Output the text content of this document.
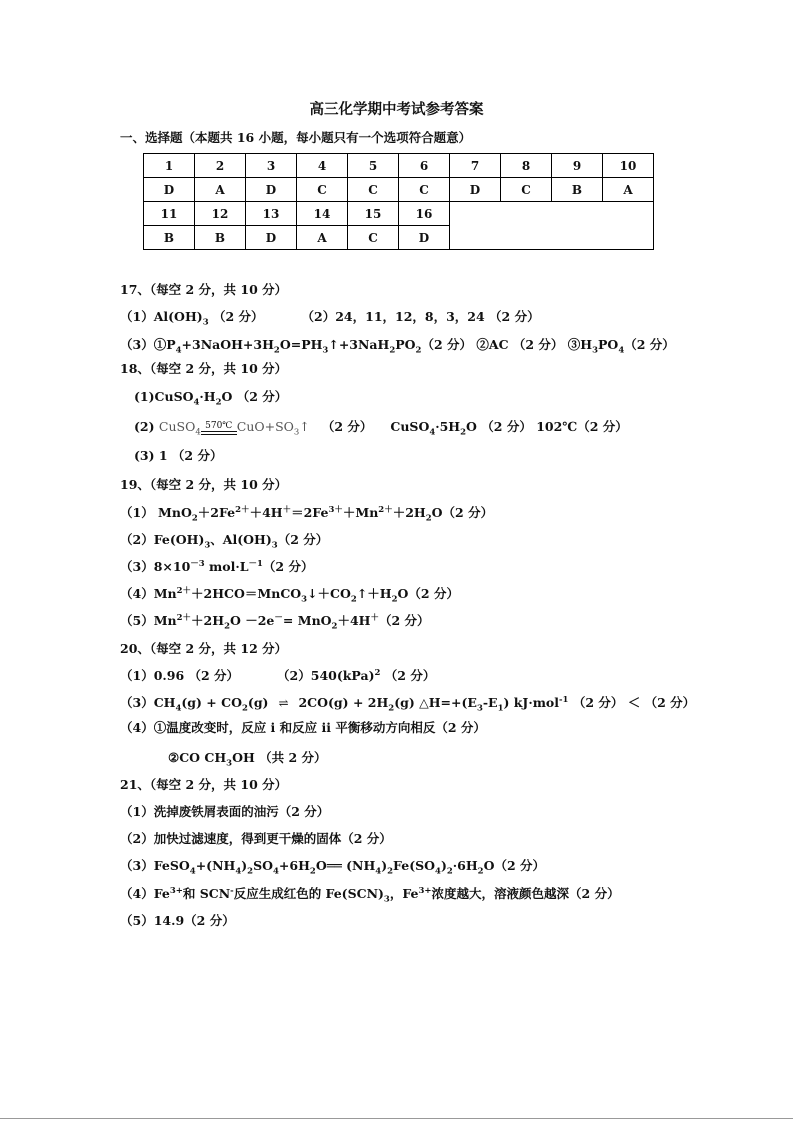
高三化学期中考试参考答案
一、选择题（本题共 16 小题，每小题只有一个选项符合题意）
1	2	3	4	5	6	7	8	9	10
D	A	D	C	C	C	D	C	B	A
11	12	13	14	15	16				
B	B	D	A	C	D				
17、（每空 2 分，共 10 分）
$(1)Al(OH)_3$ （2 分）	（2）24，11，12，8，3，24 （2 分）
$(3)①P_4+3NaOH+3H_2O=PH_3↑+3NaH_2PO_2(2$ 分） ②AC （2 分） $③H_3PO_4(2$ 分）
18、（每空 2 分，共 10 分）
$(1)CuSO_4\cdot H_2O$ （2 分）
(2) CuSO$_4$
570℃ $CuO+SO_3↑$ （2 分） $CuSO_4\cdot 5H_2O$ （2 分） 102℃（2 分）
(3) 1 （2 分）
19、（每空 2 分，共 10 分）
（1） $MnO_2+2Fe^{2+}+4H^+=2Fe^{3+}+Mn^{2+}+2H_2O(2$ 分）
$(2)Fe(OH)_3$、$Al(OH)_3(2$ 分）
$(3)8\times 10^{-3}$ $mol\cdot L^{-1}(2$ 分）
$(4)Mn^{2+}+2HCO=MnCO_3↓+CO_2↑+H_2O(2$ 分）
$(5)Mn^{2+}+2H_2O -2e^-= MnO_2+4H^+(2$ 分）
20、（每空 2 分，共 12 分）
（1）0.96 （2 分）	（2）540(kPa)$^2$ （2 分）
$(3)CH_4(g) + CO_2(g)$ ⇌ $2CO(g) + 2H_2(g)$ $\triangle H=+(E_3-E_1)$ kJ·mol$^{-1}$ （2 分） ＜ （2 分）
（4）①温度改变时，反应 i 和反应 ii 平衡移动方向相反（2 分）
②CO $CH_3OH$ （共 2 分）
21、（每空 2 分，共 10 分）
（1）洗掉废铁屑表面的油污（2 分）
（2）加快过滤速度，得到更干燥的固体（2 分）
$(3)FeSO_4+(NH_4)_2SO_4+6H_2O══$ $(NH_4)_2Fe(SO_4)_2\cdot 6H_2O(2$ 分）
$(4)Fe^{3+}$和 SCN-反应生成红色的 $Fe(SCN)_3$，$Fe^{3+}$浓度越大，溶液颜色越深（2 分）
（5）14.9（2 分）
